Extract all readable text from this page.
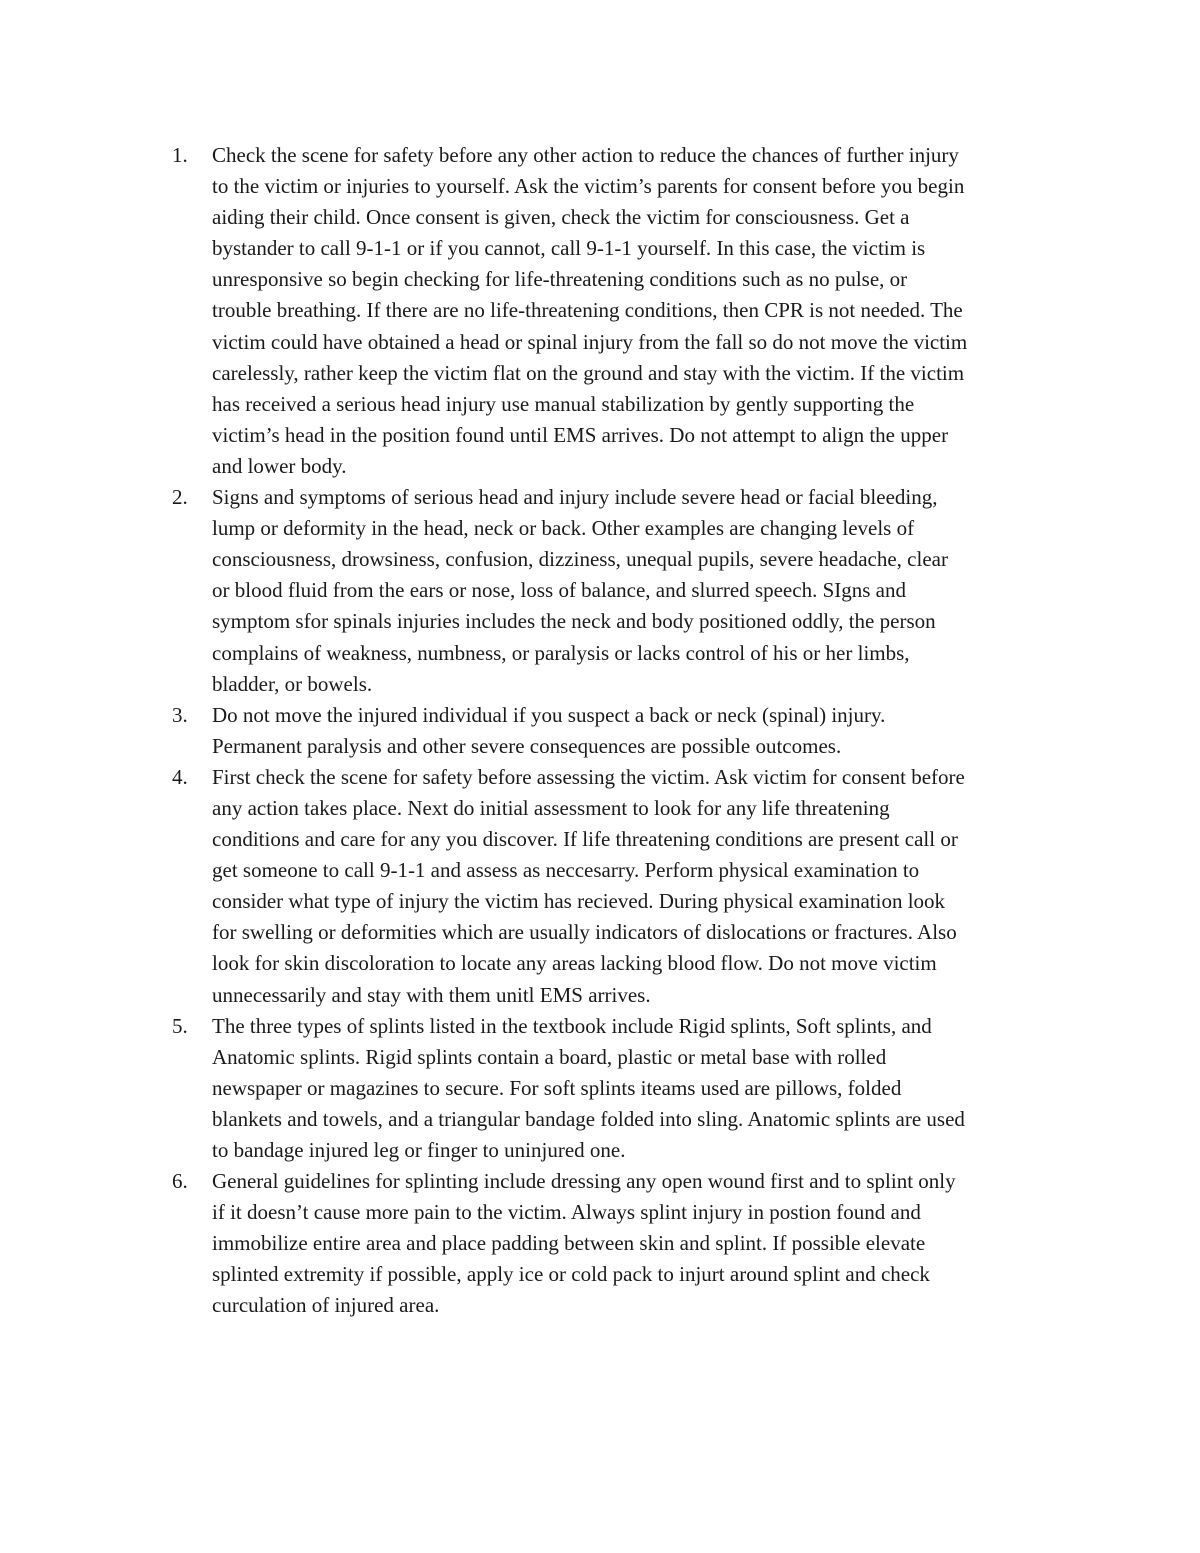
1.	Check the scene for safety before any other action to reduce the chances of further injury
to the victim or injuries to yourself. Ask the victim’s parents for consent before you begin
aiding their child. Once consent is given, check the victim for consciousness. Get a
bystander to call 9-1-1 or if you cannot, call 9-1-1 yourself. In this case, the victim is
unresponsive so begin checking for life-threatening conditions such as no pulse, or
trouble breathing. If there are no life-threatening conditions, then CPR is not needed. The
victim could have obtained a head or spinal injury from the fall so do not move the victim
carelessly, rather keep the victim flat on the ground and stay with the victim. If the victim
has received a serious head injury use manual stabilization by gently supporting the
victim’s head in the position found until EMS arrives. Do not attempt to align the upper
and lower body.
2.	Signs and symptoms of serious head and injury include severe head or facial bleeding,
lump or deformity in the head, neck or back. Other examples are changing levels of
consciousness, drowsiness, confusion, dizziness, unequal pupils, severe headache, clear
or blood fluid from the ears or nose, loss of balance, and slurred speech. SIgns and
symptom sfor spinals injuries includes the neck and body positioned oddly, the person
complains of weakness, numbness, or paralysis or lacks control of his or her limbs,
bladder, or bowels.
3.	Do not move the injured individual if you suspect a back or neck (spinal) injury.
Permanent paralysis and other severe consequences are possible outcomes.
4.	First check the scene for safety before assessing the victim. Ask victim for consent before
any action takes place. Next do initial assessment to look for any life threatening
conditions and care for any you discover. If life threatening conditions are present call or
get someone to call 9-1-1 and assess as neccesarry. Perform physical examination to
consider what type of injury the victim has recieved. During physical examination look
for swelling or deformities which are usually indicators of dislocations or fractures. Also
look for skin discoloration to locate any areas lacking blood flow. Do not move victim
unnecessarily and stay with them unitl EMS arrives.
5.	The three types of splints listed in the textbook include Rigid splints, Soft splints, and
Anatomic splints. Rigid splints contain a board, plastic or metal base with rolled
newspaper or magazines to secure. For soft splints iteams used are pillows, folded
blankets and towels, and a triangular bandage folded into sling. Anatomic splints are used
to bandage injured leg or finger to uninjured one.
6.	General guidelines for splinting include dressing any open wound first and to splint only
if it doesn’t cause more pain to the victim. Always splint injury in postion found and
immobilize entire area and place padding between skin and splint. If possible elevate
splinted extremity if possible, apply ice or cold pack to injurt around splint and check
curculation of injured area.
